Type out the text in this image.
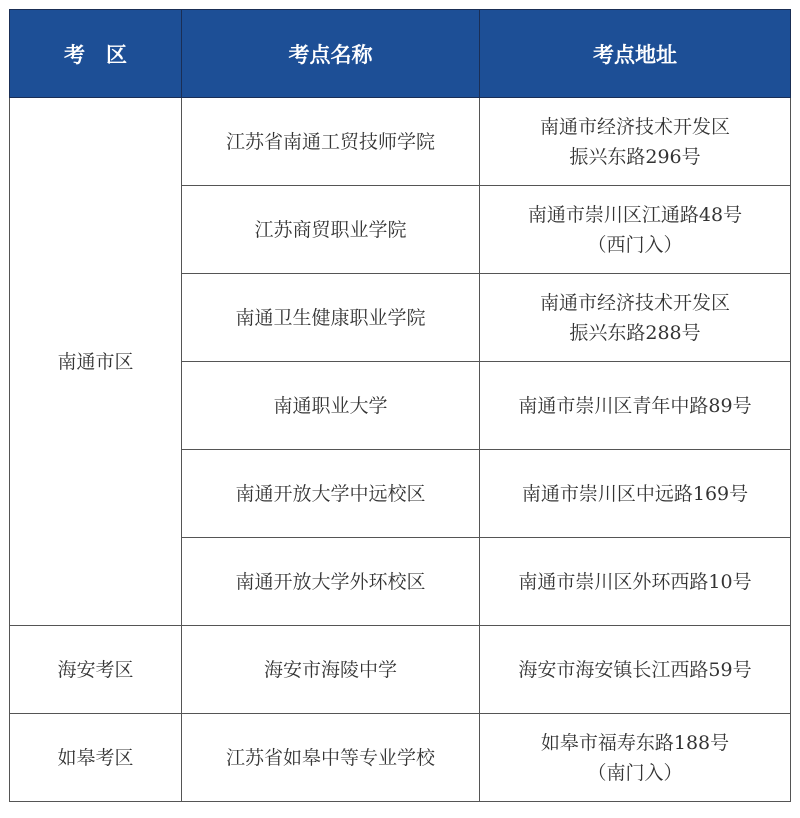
考　区	考点名称	考点地址
南通市区	江苏省南通工贸技师学院	南通市经济技术开发区
振兴东路296号

	江苏商贸职业学院	南通市崇川区江通路48号
（西门入）

	南通卫生健康职业学院	南通市经济技术开发区
振兴东路288号

	南通职业大学	南通市崇川区青年中路89号
	南通开放大学中远校区	南通市崇川区中远路169号
	南通开放大学外环校区	南通市崇川区外环西路10号
海安考区	海安市海陵中学	海安市海安镇长江西路59号
如皋考区	江苏省如皋中等专业学校	如皋市福寿东路188号
（南门入）
